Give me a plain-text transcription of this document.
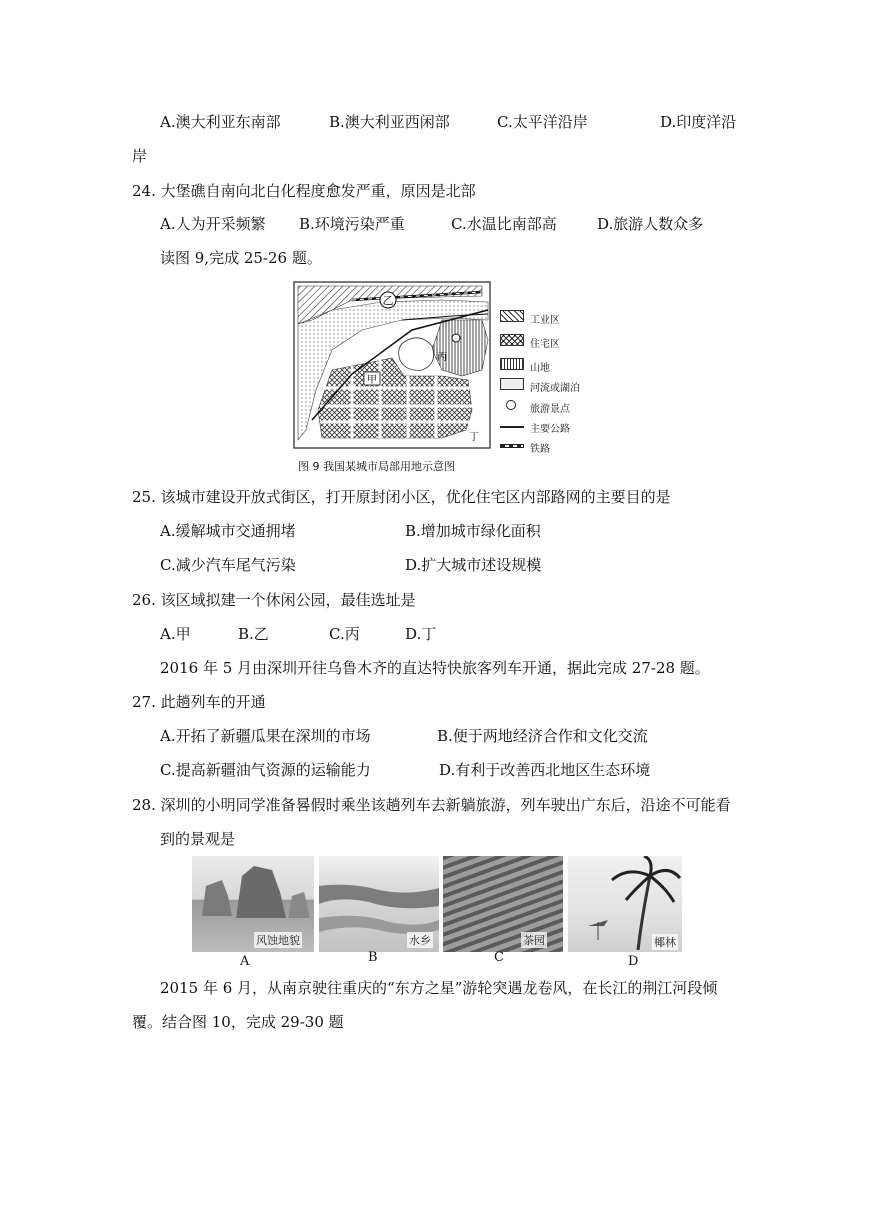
A.澳大利亚东南部	B.澳大利亚西闲部	C.太平洋沿岸	D.印度洋沿
岸
24. 大堡礁自南向北白化程度愈发严重，原因是北部
A.人为开采频繁 B.环境污染严重	C.水温比南部高	D.旅游人数众多
读图 9,完成 25-26 题。
乙
甲
丙
丁
工业区
住宅区
山地
河流或湖泊
旅游景点
主要公路
铁路
图 9 我国某城市局部用地示意图
25. 该城市建设开放式街区，打开原封闭小区，优化住宅区内部路网的主要目的是
A.缓解城市交通拥堵	B.增加城市绿化面积
C.减少汽车尾气污染	D.扩大城市述设规模
26. 该区域拟建一个休闲公园，最佳选址是
A.甲	B.乙	C.丙	D.丁
2016 年 5 月由深圳开往乌鲁木齐的直达特快旅客列车开通，据此完成 27-28 题。
27. 此趟列车的开通
A.开拓了新疆瓜果在深圳的市场	B.便于两地经济合作和文化交流
C.提高新疆油气资源的运输能力	D.有利于改善西北地区生态环境
28. 深圳的小明同学准备晷假时乘坐该趟列车去新躺旅游，列车驶出广东后，沿途不可能看
到的景观是
风蚀地貌	水乡	茶园	椰林
A	B	C	D
2015 年 6 月，从南京驶往重庆的“东方之星”游轮突遇龙卷风，在长江的荆江河段倾
覆。结合图 10，完成 29-30 题
